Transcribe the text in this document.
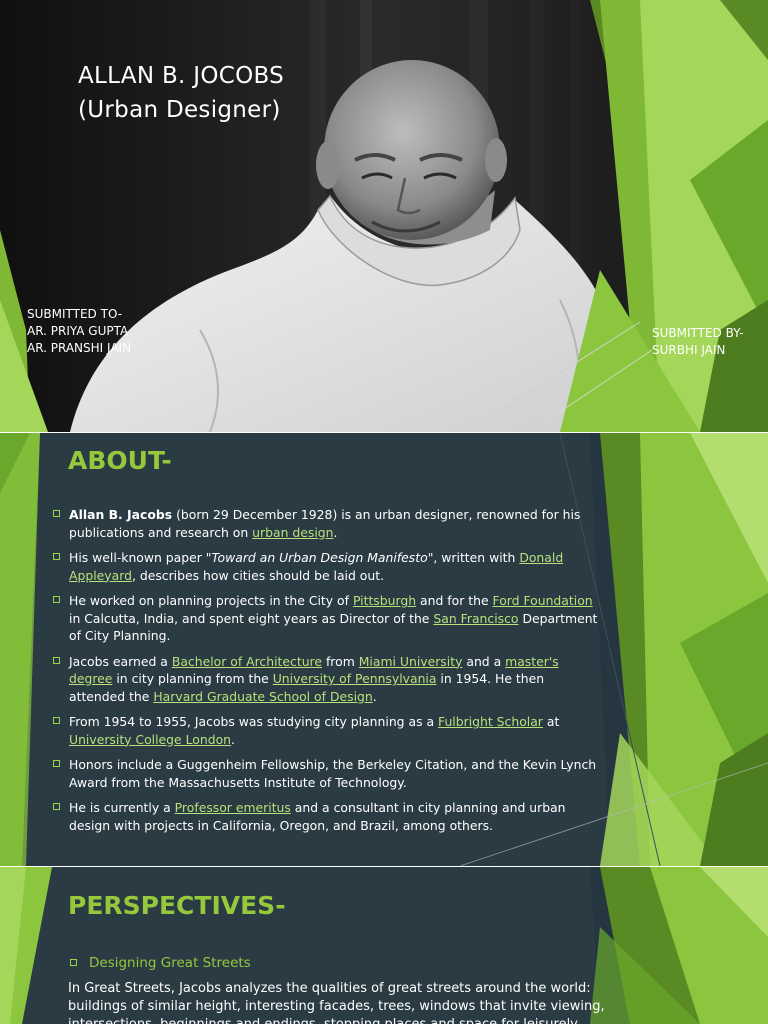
ALLAN B. JOCOBS
(Urban Designer)
SUBMITTED TO-
AR. PRIYA GUPTA
AR. PRANSHI JAIN
SUBMITTED BY-
SURBHI JAIN
ABOUT-
Allan B. Jacobs (born 29 December 1928) is an urban designer, renowned for his publications and research on urban design.
His well-known paper "Toward an Urban Design Manifesto", written with Donald Appleyard, describes how cities should be laid out.
He worked on planning projects in the City of Pittsburgh and for the Ford Foundation in Calcutta, India, and spent eight years as Director of the San Francisco Department of City Planning.
Jacobs earned a Bachelor of Architecture from Miami University and a master's degree in city planning from the University of Pennsylvania in 1954. He then attended the Harvard Graduate School of Design.
From 1954 to 1955, Jacobs was studying city planning as a Fulbright Scholar at University College London.
Honors include a Guggenheim Fellowship, the Berkeley Citation, and the Kevin Lynch Award from the Massachusetts Institute of Technology.
He is currently a Professor emeritus and a consultant in city planning and urban design with projects in California, Oregon, and Brazil, among others.
PERSPECTIVES-
Designing Great Streets
In Great Streets, Jacobs analyzes the qualities of great streets around the world: buildings of similar height, interesting facades, trees, windows that invite viewing, intersections, beginnings and endings, stopping places and space for leisurely
